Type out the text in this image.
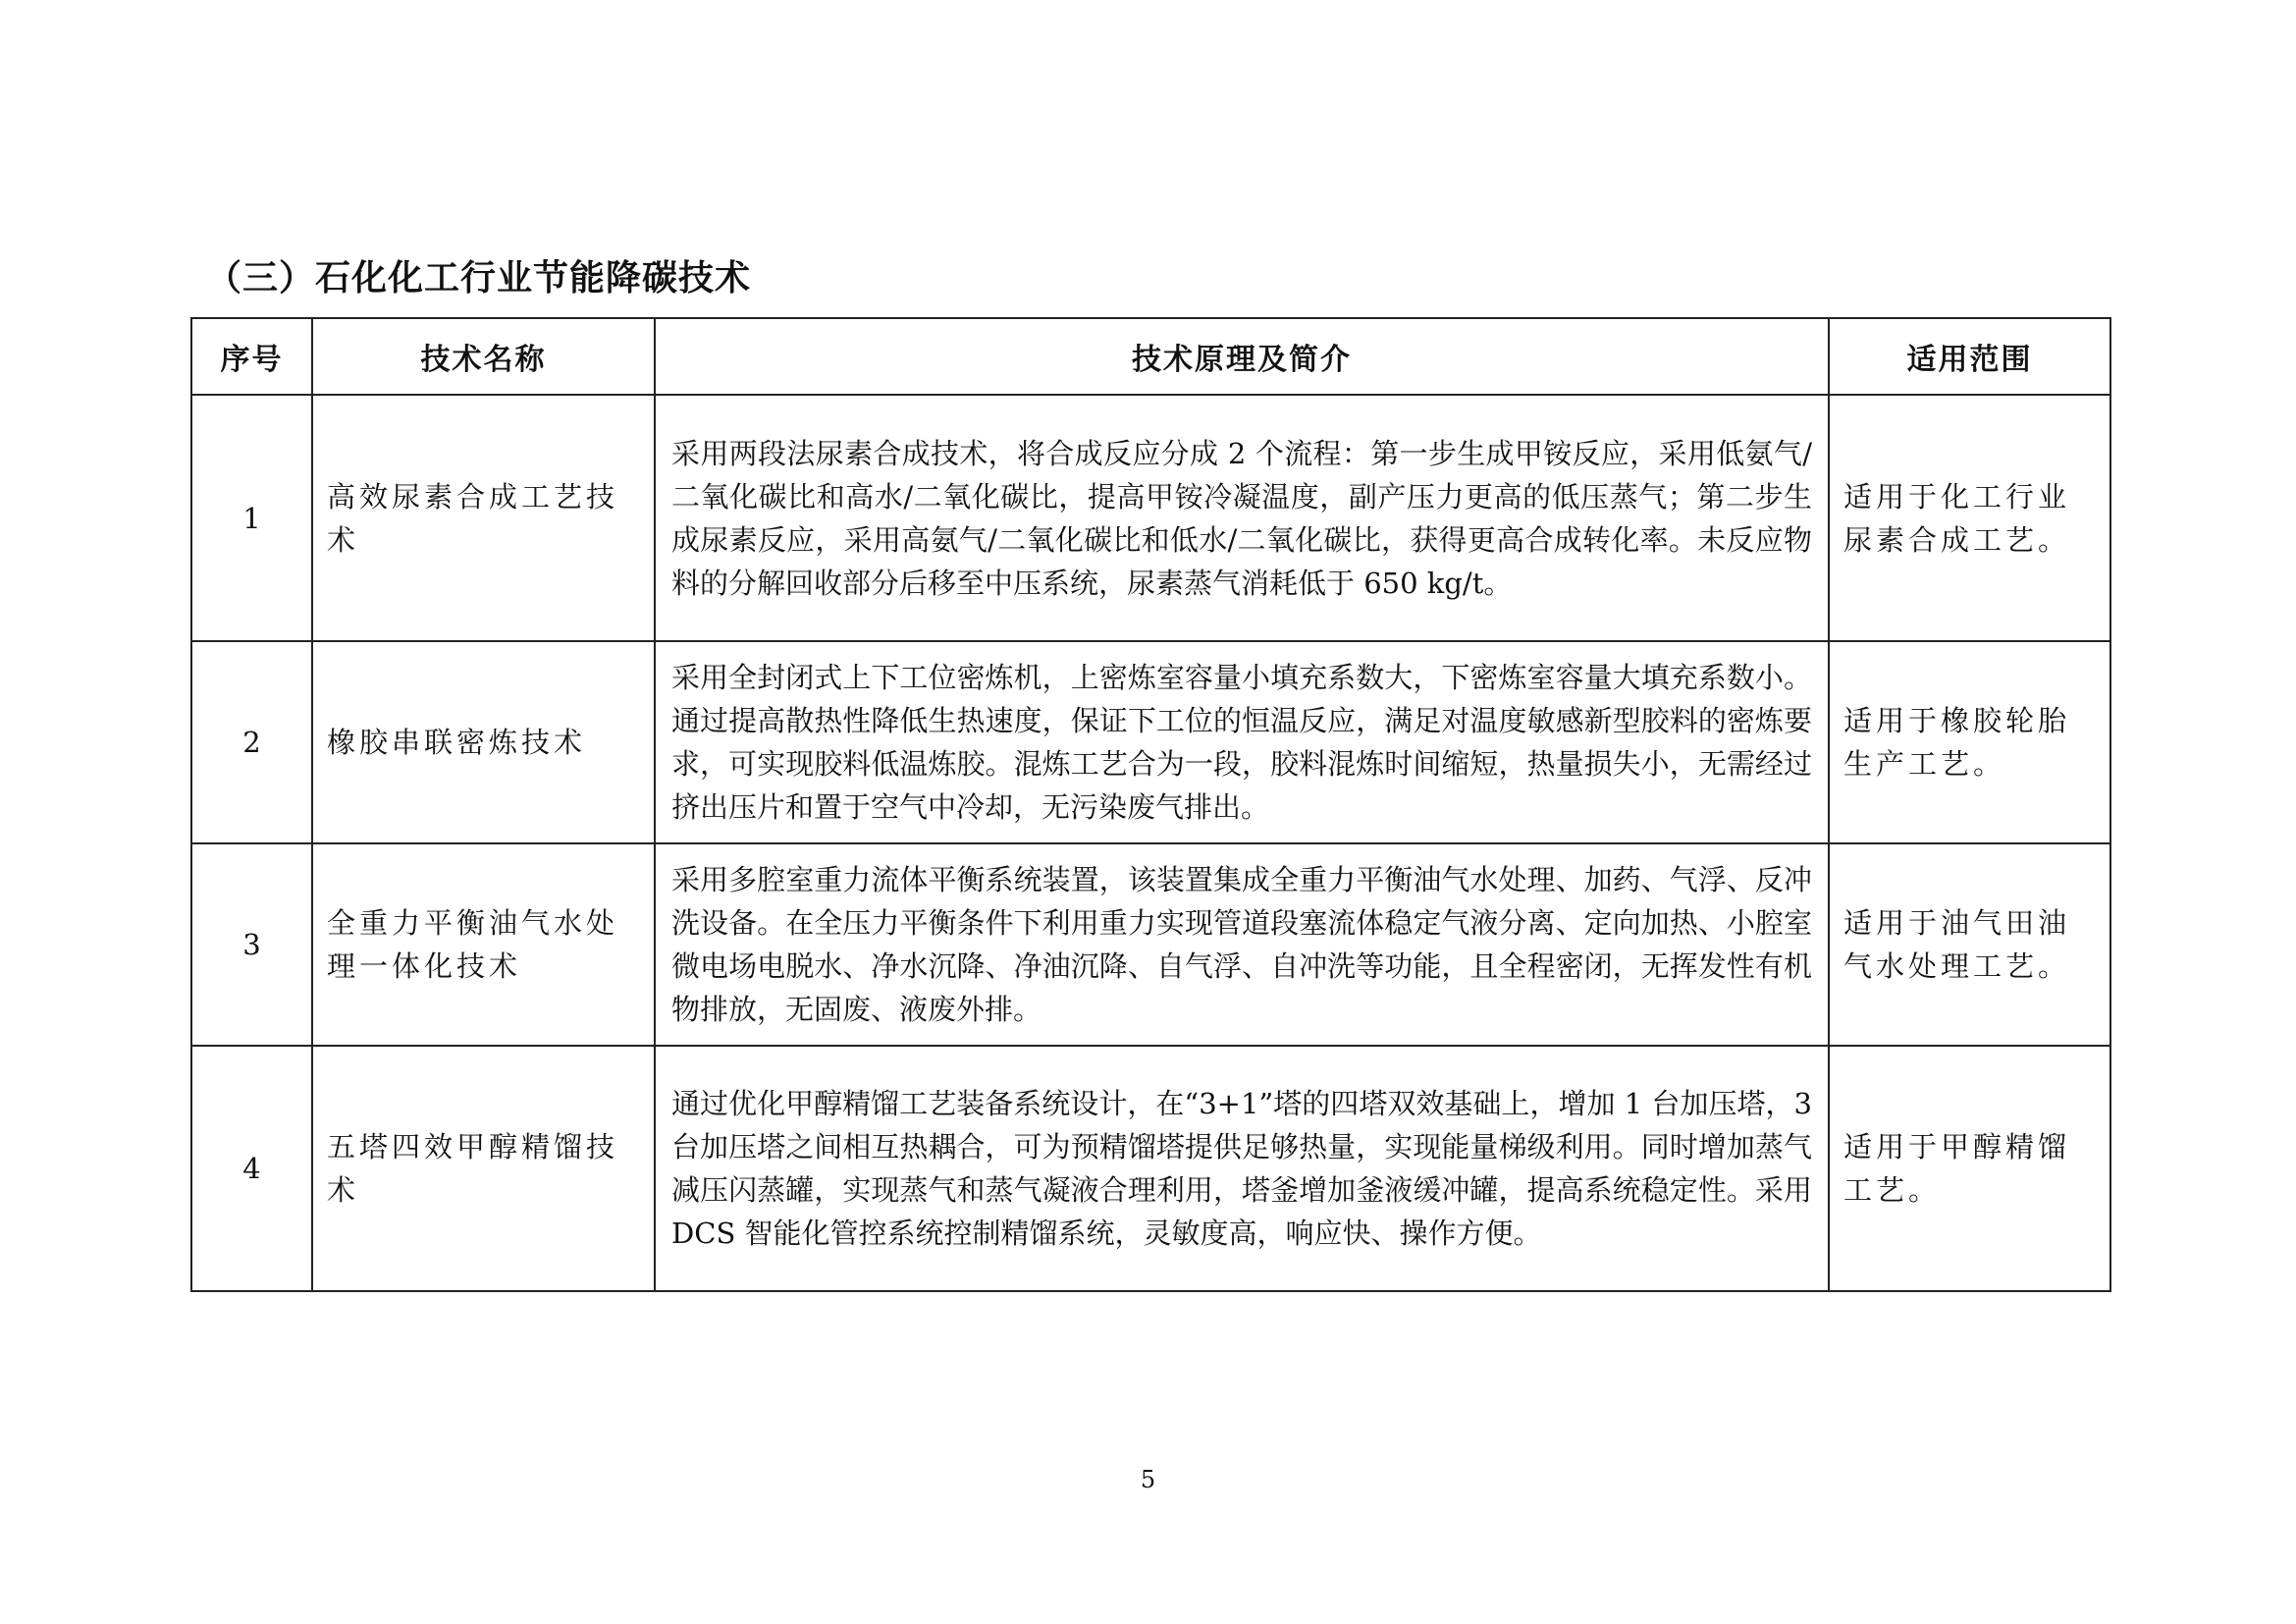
（三）石化化工行业节能降碳技术
序号	技术名称	技术原理及简介	适用范围
1	高效尿素合成工艺技术	采用两段法尿素合成技术，将合成反应分成 2 个流程：第一步生成甲铵反应，采用低氨气/二氧化碳比和高水/二氧化碳比，提高甲铵冷凝温度，副产压力更高的低压蒸气；第二步生成尿素反应，采用高氨气/二氧化碳比和低水/二氧化碳比，获得更高合成转化率。未反应物料的分解回收部分后移至中压系统，尿素蒸气消耗低于 650 kg/t。	适用于化工行业尿素合成工艺。
2	橡胶串联密炼技术	采用全封闭式上下工位密炼机，上密炼室容量小填充系数大，下密炼室容量大填充系数小。通过提高散热性降低生热速度，保证下工位的恒温反应，满足对温度敏感新型胶料的密炼要求，可实现胶料低温炼胶。混炼工艺合为一段，胶料混炼时间缩短，热量损失小，无需经过挤出压片和置于空气中冷却，无污染废气排出。	适用于橡胶轮胎生产工艺。
3	全重力平衡油气水处理一体化技术	采用多腔室重力流体平衡系统装置，该装置集成全重力平衡油气水处理、加药、气浮、反冲洗设备。在全压力平衡条件下利用重力实现管道段塞流体稳定气液分离、定向加热、小腔室微电场电脱水、净水沉降、净油沉降、自气浮、自冲洗等功能，且全程密闭，无挥发性有机物排放，无固废、液废外排。	适用于油气田油气水处理工艺。
4	五塔四效甲醇精馏技术	通过优化甲醇精馏工艺装备系统设计，在“3+1”塔的四塔双效基础上，增加 1 台加压塔，3 台加压塔之间相互热耦合，可为预精馏塔提供足够热量，实现能量梯级利用。同时增加蒸气减压闪蒸罐，实现蒸气和蒸气凝液合理利用，塔釜增加釜液缓冲罐，提高系统稳定性。采用 DCS 智能化管控系统控制精馏系统，灵敏度高，响应快、操作方便。	适用于甲醇精馏工艺。
5
